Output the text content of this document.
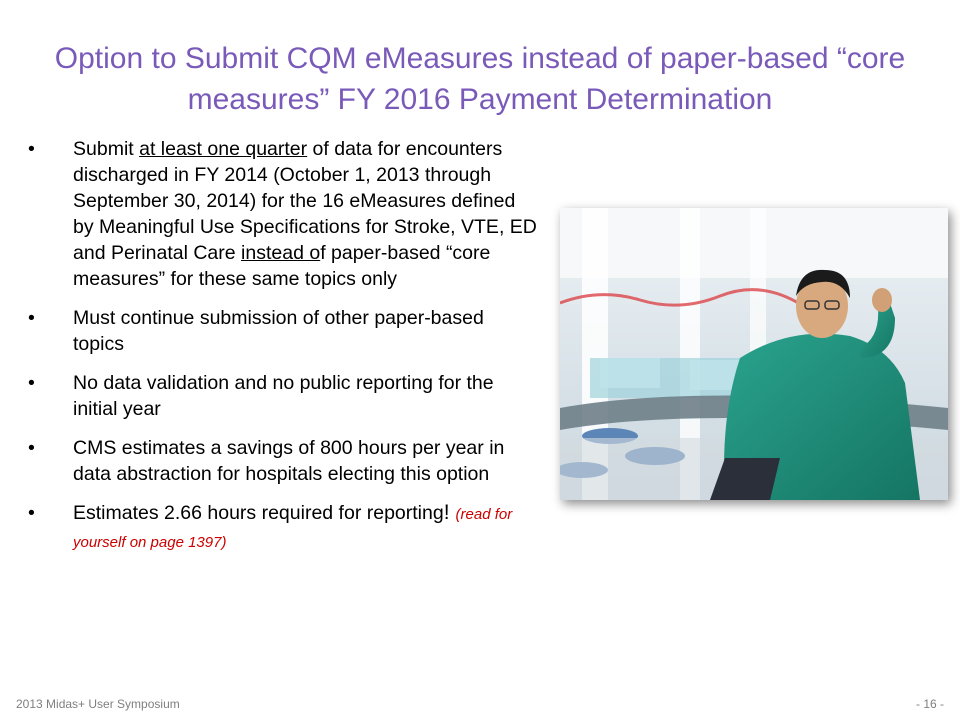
Option to Submit CQM eMeasures instead of paper-based “core measures” FY 2016 Payment Determination
• Submit at least one quarter of data for encounters discharged in FY 2014 (October 1, 2013 through September 30, 2014) for the 16 eMeasures defined by Meaningful Use Specifications for Stroke, VTE, ED and Perinatal Care instead of paper-based “core measures” for these same topics only
• Must continue submission of other paper-based topics
• No data validation and no public reporting for the initial year
• CMS estimates a savings of 800 hours per year in data abstraction for hospitals electing this option
• Estimates 2.66 hours required for reporting! (read for yourself on page 1397)
2013 Midas+ User Symposium	- 16 -
